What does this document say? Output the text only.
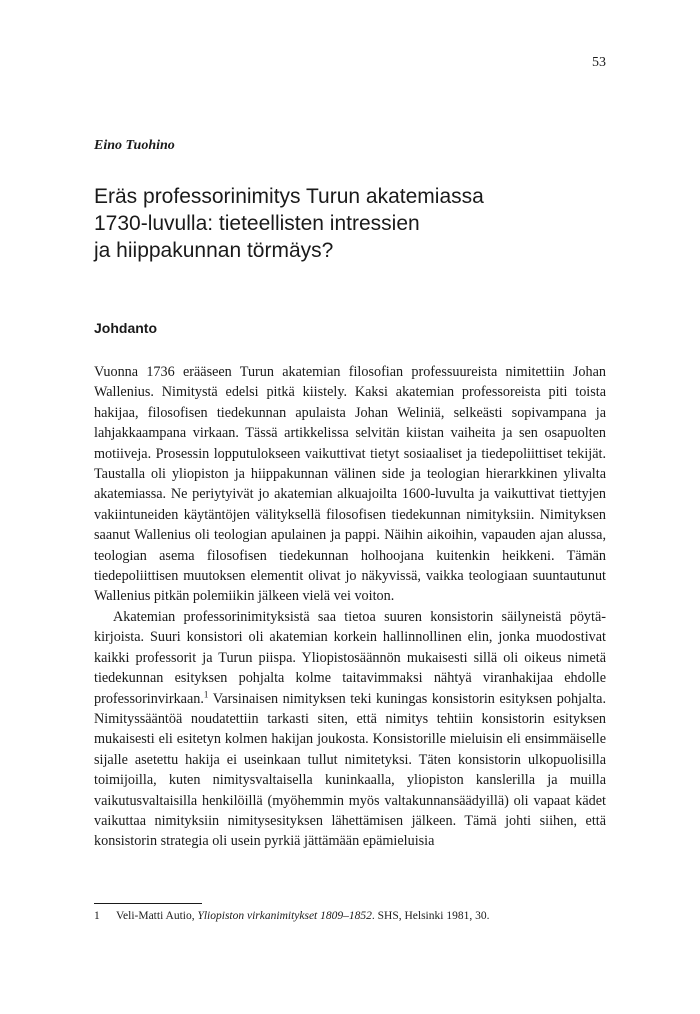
53
Eino Tuohino
Eräs professorinimitys Turun akatemiassa
1730-luvulla: tieteellisten intressien
ja hiippakunnan törmäys?
Johdanto

Vuonna 1736 erääseen Turun akatemian filosofian professuureista nimitettiin Johan Wallenius. Nimitystä edelsi pitkä kiistely. Kaksi akatemian professoreista piti toista hakijaa, filosofisen tiedekunnan apulaista Johan Weliniä, selkeästi sopivampana ja lahjakkaampana virkaan. Tässä artikkelissa selvitän kiistan vaiheita ja sen osapuolten motiiveja. Prosessin lopputulokseen vaikuttivat tietyt sosiaaliset ja tiedepoliittiset tekijät. Taustalla oli yliopiston ja hiippakunnan välinen side ja teologian hierarkkinen ylivalta akatemiassa. Ne periytyivät jo akatemian alkuajoilta 1600-luvulta ja vaikuttivat tiettyjen vakiintuneiden käytäntöjen välityksellä filosofisen tiedekunnan nimityksiin. Nimityksen saanut Wallenius oli teologian apulainen ja pappi. Näihin aikoihin, vapauden ajan alussa, teologian asema filosofisen tiedekunnan holhoojana kuitenkin heikkeni. Tämän tiedepoliittisen muutoksen elementit olivat jo näkyvissä, vaikka teologiaan suuntautunut Wallenius pitkän polemiikin jälkeen vielä vei voiton.

Akatemian professorinimityksistä saa tietoa suuren konsistorin säilyneistä pöytäkirjoista. Suuri konsistori oli akatemian korkein hallinnollinen elin, jonka muodostivat kaikki professorit ja Turun piispa. Yliopistosäännön mukaisesti sillä oli oikeus nimetä tiedekunnan esityksen pohjalta kolme taitavimmaksi nähtyä viranhakijaa ehdolle professorinvirkaan.$^1$ Varsinaisen nimityksen teki kuningas konsistorin esityksen pohjalta. Nimityssääntöä noudatettiin tarkasti siten, että nimitys tehtiin konsistorin esityksen mukaisesti eli esitetyn kolmen hakijan joukosta. Konsistorille mieluisin eli ensimmäiselle sijalle asetettu hakija ei useinkaan tullut nimitetyksi. Täten konsistorin ulkopuolisilla toimijoilla, kuten nimitysvaltaisella kuninkaalla, yliopiston kanslerilla ja muilla vaikutusvaltaisilla henkilöillä (myöhemmin myös valtakunnansäädyillä) oli vapaat kädet vaikuttaa nimityksiin nimitysesityksen lähettämisen jälkeen. Tämä johti siihen, että konsistorin strategia oli usein pyrkiä jättämään epämieluisia

1 Veli-Matti Autio, Yliopiston virkanimitykset 1809–1852. SHS, Helsinki 1981, 30.
